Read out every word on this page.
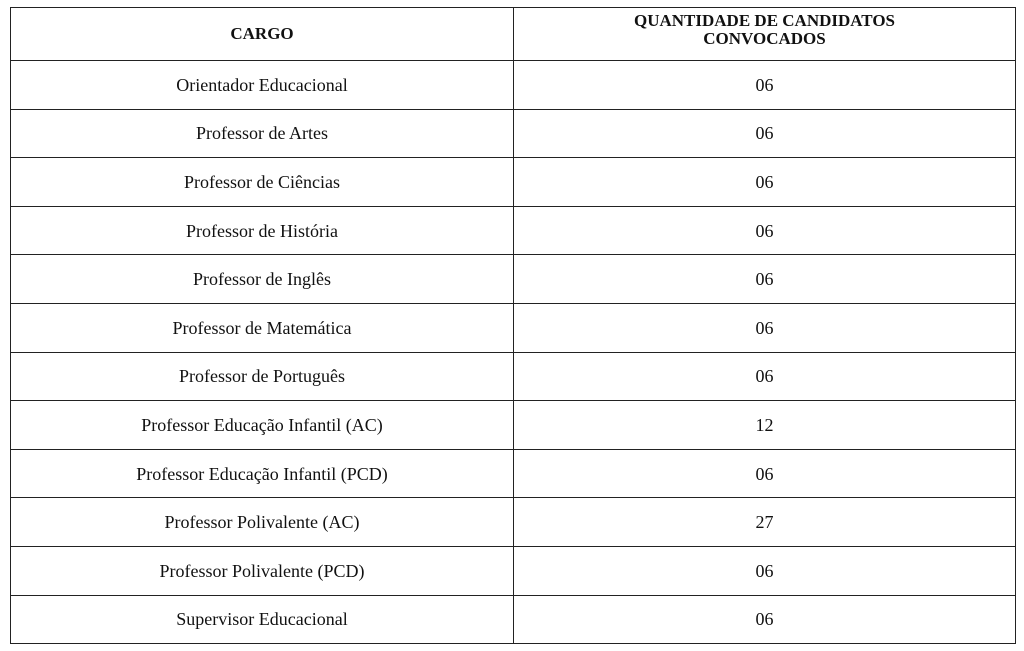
CARGO	QUANTIDADE DE CANDIDATOS
CONVOCADOS

Orientador Educacional	06
Professor de Artes	06
Professor de Ciências	06
Professor de História	06
Professor de Inglês	06
Professor de Matemática	06
Professor de Português	06
Professor Educação Infantil (AC)	12
Professor Educação Infantil (PCD)	06
Professor Polivalente (AC)	27
Professor Polivalente (PCD)	06
Supervisor Educacional	06
